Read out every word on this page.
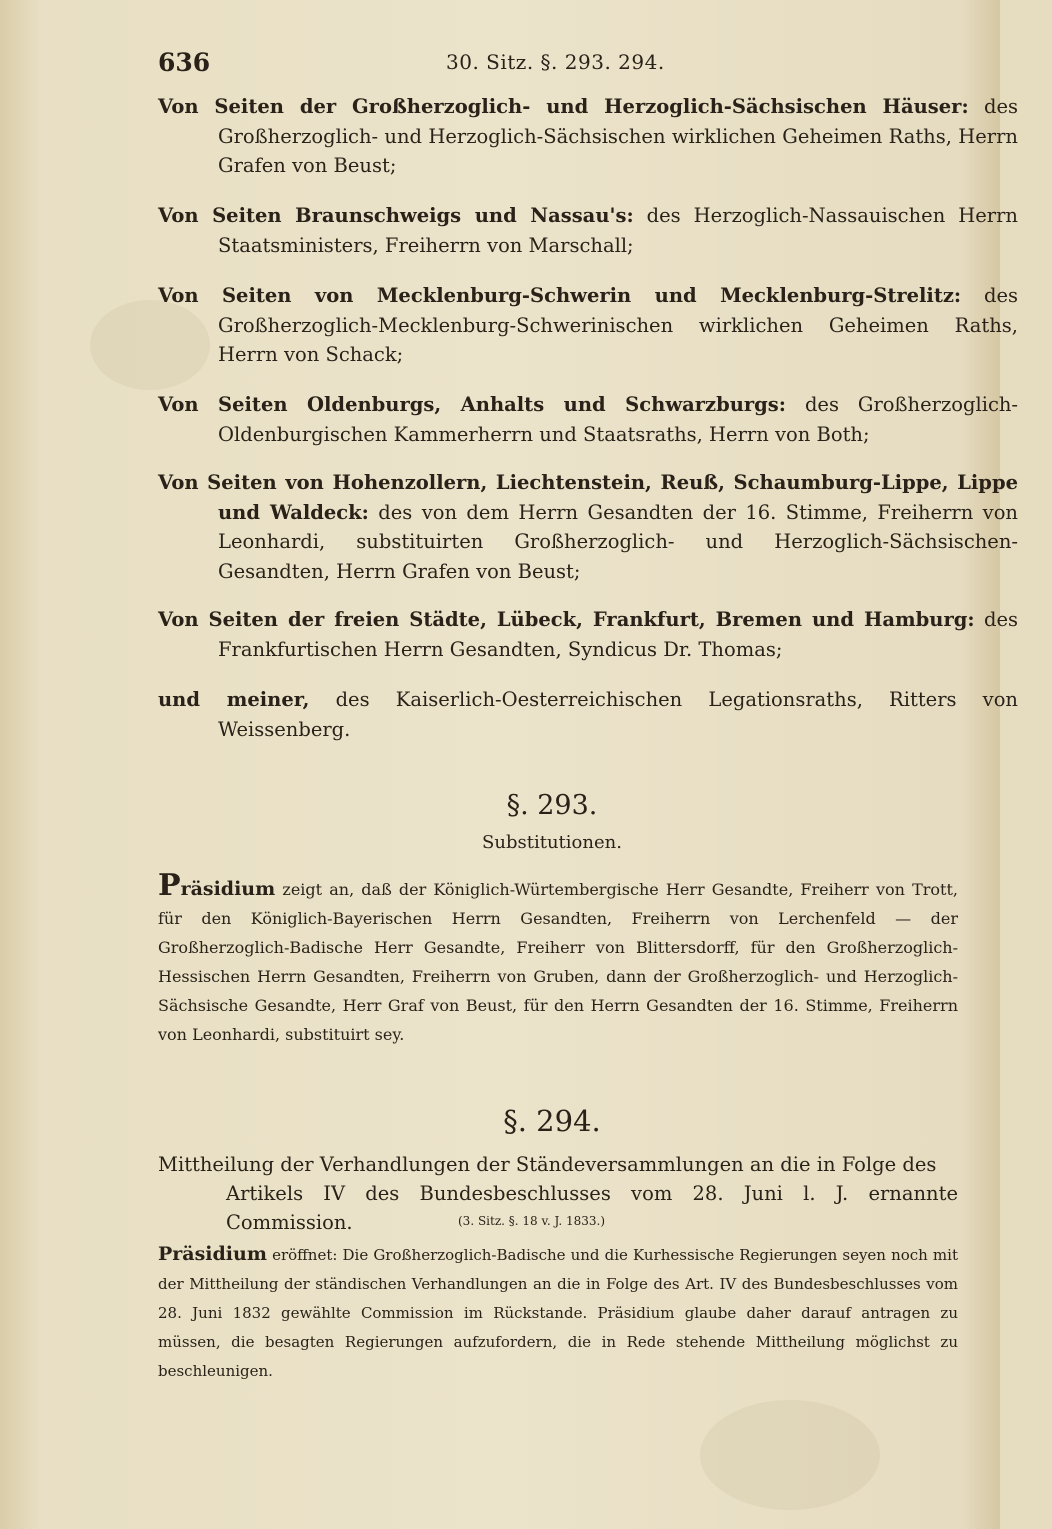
636	30. Sitz. §. 293. 294.
Von Seiten der Großherzoglich- und Herzoglich-Sächsischen Häuser: des Großherzoglich- und Herzoglich-Sächsischen wirklichen Geheimen Raths, Herrn Grafen von Beust;
Von Seiten Braunschweigs und Nassau's: des Herzoglich-Nassauischen Herrn Staatsministers, Freiherrn von Marschall;
Von Seiten von Mecklenburg-Schwerin und Mecklenburg-Strelitz: des Großherzoglich-Mecklenburg-Schwerinischen wirklichen Geheimen Raths, Herrn von Schack;
Von Seiten Oldenburgs, Anhalts und Schwarzburgs: des Großherzoglich-Oldenburgischen Kammerherrn und Staatsraths, Herrn von Both;
Von Seiten von Hohenzollern, Liechtenstein, Reuß, Schaumburg-Lippe, Lippe und Waldeck: des von dem Herrn Gesandten der 16. Stimme, Freiherrn von Leonhardi, substituirten Großherzoglich- und Herzoglich-Sächsischen-Gesandten, Herrn Grafen von Beust;
Von Seiten der freien Städte, Lübeck, Frankfurt, Bremen und Hamburg: des Frankfurtischen Herrn Gesandten, Syndicus Dr. Thomas;
und meiner, des Kaiserlich-Oesterreichischen Legationsraths, Ritters von Weissenberg.
§. 293.
Substitutionen.
Präsidium zeigt an, daß der Königlich-Würtembergische Herr Gesandte, Freiherr von Trott, für den Königlich-Bayerischen Herrn Gesandten, Freiherrn von Lerchenfeld — der Großherzoglich-Badische Herr Gesandte, Freiherr von Blittersdorff, für den Großherzoglich-Hessischen Herrn Gesandten, Freiherrn von Gruben, dann der Großherzoglich- und Herzoglich-Sächsische Gesandte, Herr Graf von Beust, für den Herrn Gesandten der 16. Stimme, Freiherrn von Leonhardi, substituirt sey.
§. 294.
Mittheilung der Verhandlungen der Ständeversammlungen an die in Folge des
Artikels IV des Bundesbeschlusses vom 28. Juni l. J. ernannte Commission.	(3. Sitz. §. 18 v. J. 1833.)
Präsidium eröffnet: Die Großherzoglich-Badische und die Kurhessische Regierungen seyen noch mit der Mittheilung der ständischen Verhandlungen an die in Folge des Art. IV des Bundesbeschlusses vom 28. Juni 1832 gewählte Commission im Rückstande. Präsidium glaube daher darauf antragen zu müssen, die besagten Regierungen aufzufordern, die in Rede stehende Mittheilung möglichst zu beschleunigen.
